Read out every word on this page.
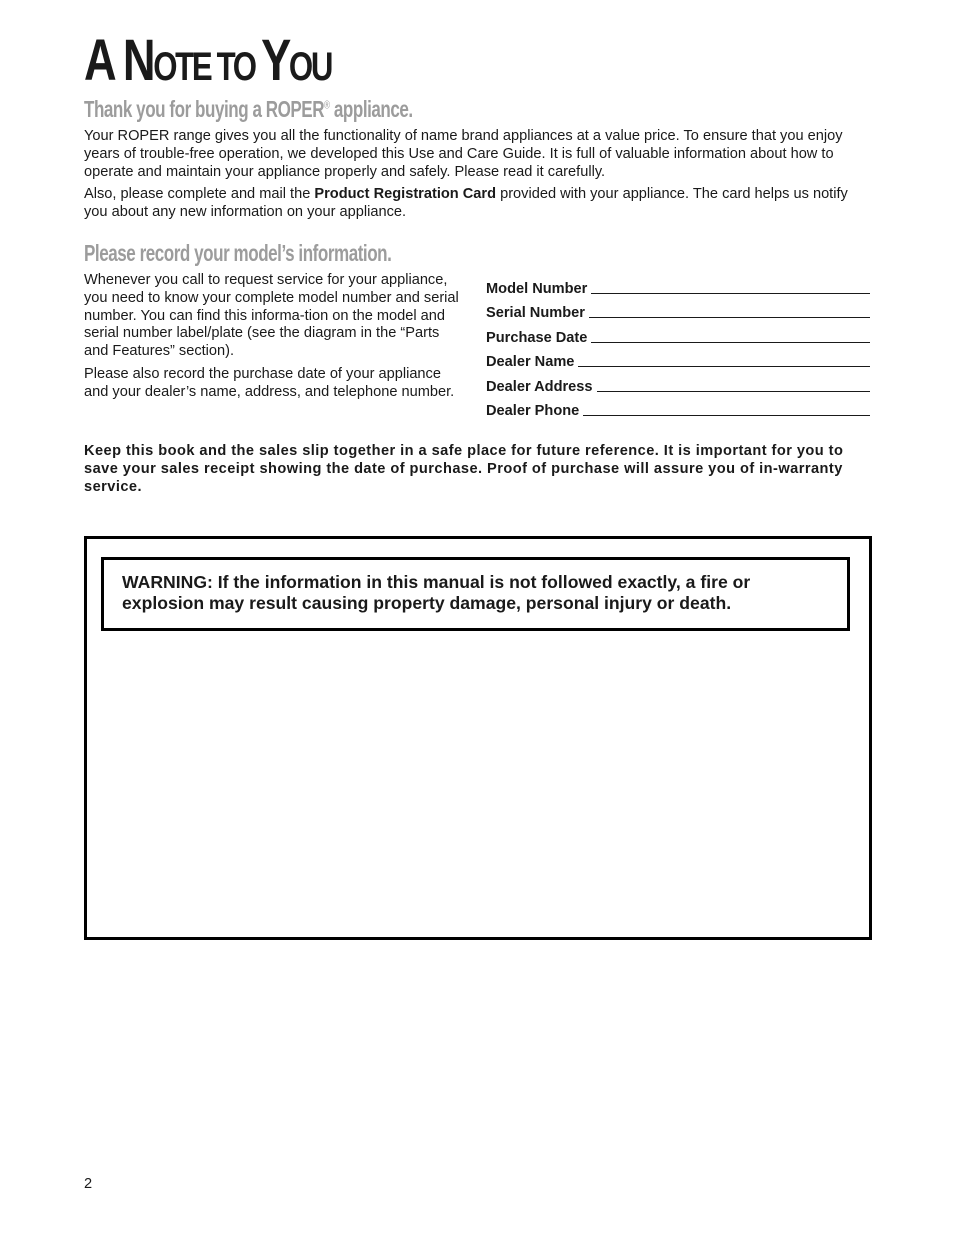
A NOTE TO YOU
Thank you for buying a ROPER® appliance.

Your ROPER range gives you all the functionality of name brand appliances at a value price. To ensure that you enjoy years of trouble-free operation, we developed this Use and Care Guide. It is full of valuable information about how to operate and maintain your appliance properly and safely. Please read it carefully.

Also, please complete and mail the Product Registration Card provided with your appliance. The card helps us notify you about any new information on your appliance.

Please record your model’s information.

Whenever you call to request service for your appliance, you need to know your complete model number and serial number. You can find this informa-tion on the model and serial number label/plate (see the diagram in the “Parts and Features” section).

Please also record the purchase date of your appliance and your dealer’s name, address, and telephone number.

Model Number
Serial Number
Purchase Date
Dealer Name
Dealer Address
Dealer Phone

Keep this book and the sales slip together in a safe place for future reference. It is important for you to save your sales receipt showing the date of purchase. Proof of purchase will assure you of in-warranty service.

WARNING: If the information in this manual is not followed exactly, a fire or explosion may result causing property damage, personal injury or death.

2
